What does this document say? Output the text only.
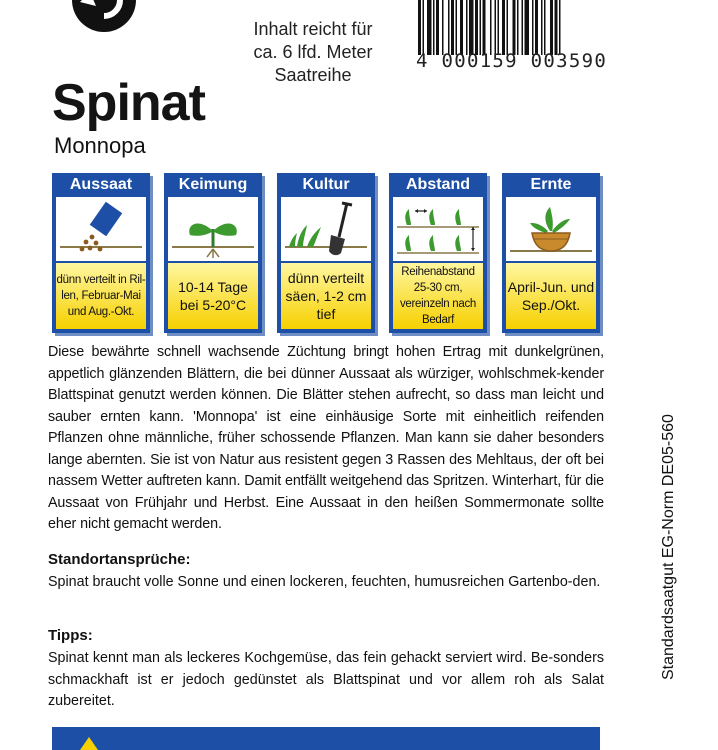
Inhalt reicht für
ca. 6 lfd. Meter
Saatreihe
4 000159 003590
Spinat
Monnopa
Aussaat
dünn verteilt in Ril-len, Februar-Mai und Aug.-Okt.
Keimung
10-14 Tage bei 5-20°C
Kultur
dünn verteilt säen, 1-2 cm tief
Abstand
Reihenabstand 25-30 cm, vereinzeln nach Bedarf
Ernte
April-Jun. und Sep./Okt.

Diese bewährte schnell wachsende Züchtung bringt hohen Ertrag mit dunkelgrünen, appetlich glänzenden Blättern, die bei dünner Aussaat als würziger, wohlschmek-kender Blattspinat genutzt werden können. Die Blätter stehen aufrecht, so dass man leicht und sauber ernten kann. 'Monnopa' ist eine einhäusige Sorte mit einheitlich reifenden Pflanzen ohne männliche, früher schossende Pflanzen. Man kann sie daher besonders lange abernten. Sie ist von Natur aus resistent gegen 3 Rassen des Mehltaus, der oft bei nassem Wetter auftreten kann. Damit entfällt weitgehend das Spritzen. Winterhart, für die Aussaat von Frühjahr und Herbst. Eine Aussaat in den heißen Sommermonate sollte eher nicht gemacht werden.

Standortansprüche:

Spinat braucht volle Sonne und einen lockeren, feuchten, humusreichen Gartenbo-den.

Tipps:

Spinat kennt man als leckeres Kochgemüse, das fein gehackt serviert wird. Be-sonders schmackhaft ist er jedoch gedünstet als Blattspinat und vor allem roh als Salat zubereitet.

Standardsaatgut EG-Norm DE05-560
